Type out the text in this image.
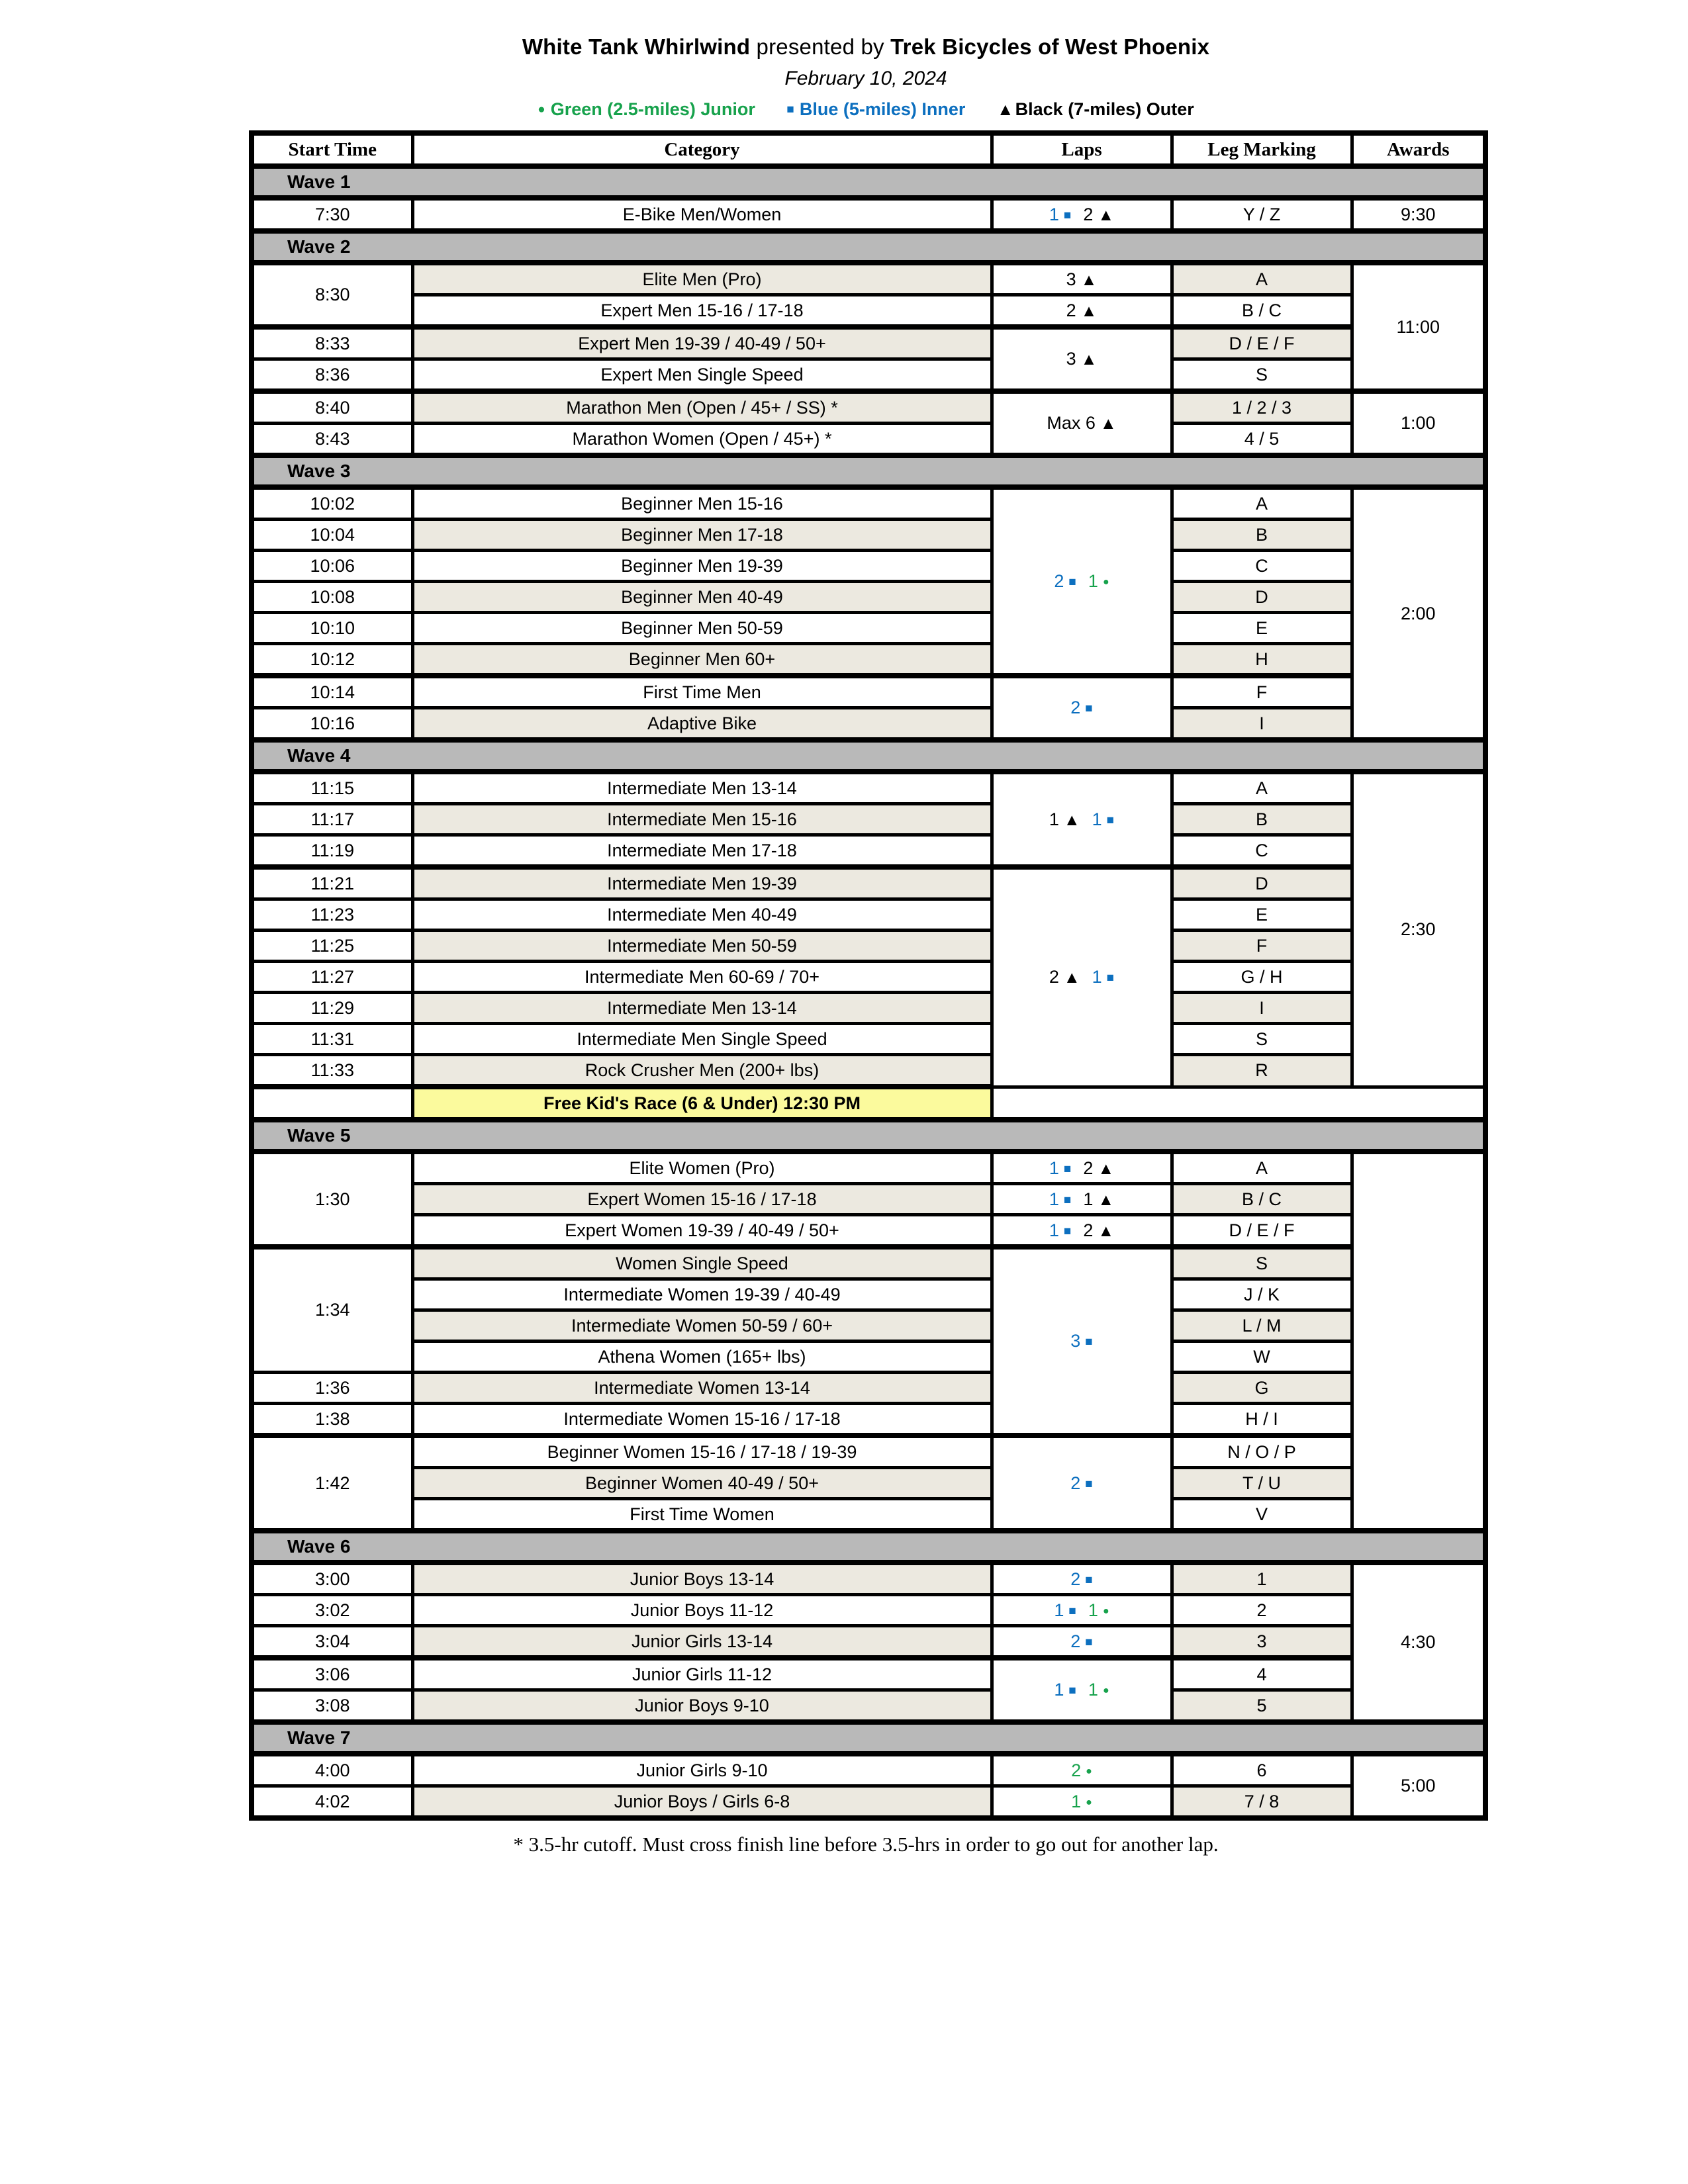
White Tank Whirlwind presented by Trek Bicycles of West Phoenix
February 10, 2024
● Green (2.5-miles) Junior	■ Blue (5-miles) Inner ▲Black (7-miles) Outer
Start Time	Category	Laps	Leg Marking	Awards
Wave 1				
7:30	E-Bike Men/Women	1 ■ 2 ▲	Y / Z	9:30
Wave 2				
8:30	Elite Men (Pro)	3 ▲	A	11:00
	Expert Men 15-16 / 17-18	2 ▲	B / C	
8:33	Expert Men 19-39 / 40-49 / 50+	3 ▲	D / E / F	
8:36	Expert Men Single Speed		S	
8:40	Marathon Men (Open / 45+ / SS) *	Max 6 ▲	1 / 2 / 3	1:00
8:43	Marathon Women (Open / 45+) *		4 / 5	
Wave 3				
10:02	Beginner Men 15-16	2 ■ 1 ●	A	2:00
10:04	Beginner Men 17-18		B	
10:06	Beginner Men 19-39		C	
10:08	Beginner Men 40-49		D	
10:10	Beginner Men 50-59		E	
10:12	Beginner Men 60+		H	
10:14	First Time Men	2 ■	F	
10:16	Adaptive Bike		I	
Wave 4				
11:15	Intermediate Men 13-14	1 ▲ 1 ■	A	2:30
11:17	Intermediate Men 15-16		B	
11:19	Intermediate Men 17-18		C	
11:21	Intermediate Men 19-39	2 ▲ 1 ■	D	
11:23	Intermediate Men 40-49		E	
11:25	Intermediate Men 50-59		F	
11:27	Intermediate Men 60-69 / 70+		G / H	
11:29	Intermediate Men 13-14		I	
11:31	Intermediate Men Single Speed		S	
11:33	Rock Crusher Men (200+ lbs)		R	
	Free Kid's Race (6 & Under) 12:30 PM			
Wave 5				
1:30	Elite Women (Pro)	1 ■ 2 ▲	A	
	Expert Women 15-16 / 17-18	1 ■ 1 ▲	B / C	
	Expert Women 19-39 / 40-49 / 50+	1 ■ 2 ▲	D / E / F	
1:34	Women Single Speed	3 ■	S	
	Intermediate Women 19-39 / 40-49		J / K	
	Intermediate Women 50-59 / 60+		L / M	
	Athena Women (165+ lbs)		W	
1:36	Intermediate Women 13-14		G	
1:38	Intermediate Women 15-16 / 17-18		H / I	
1:42	Beginner Women 15-16 / 17-18 / 19-39	2 ■	N / O / P	
	Beginner Women 40-49 / 50+		T / U	
	First Time Women		V	
Wave 6				
3:00	Junior Boys 13-14	2 ■	1	4:30
3:02	Junior Boys 11-12	1 ■ 1 ●	2	
3:04	Junior Girls 13-14	2 ■	3	
3:06	Junior Girls 11-12	1 ■ 1 ●	4	
3:08	Junior Boys 9-10		5	
Wave 7				
4:00	Junior Girls 9-10	2 ●	6	5:00
4:02	Junior Boys / Girls 6-8	1 ●	7 / 8	
* 3.5-hr cutoff. Must cross finish line before 3.5-hrs in order to go out for another lap.
